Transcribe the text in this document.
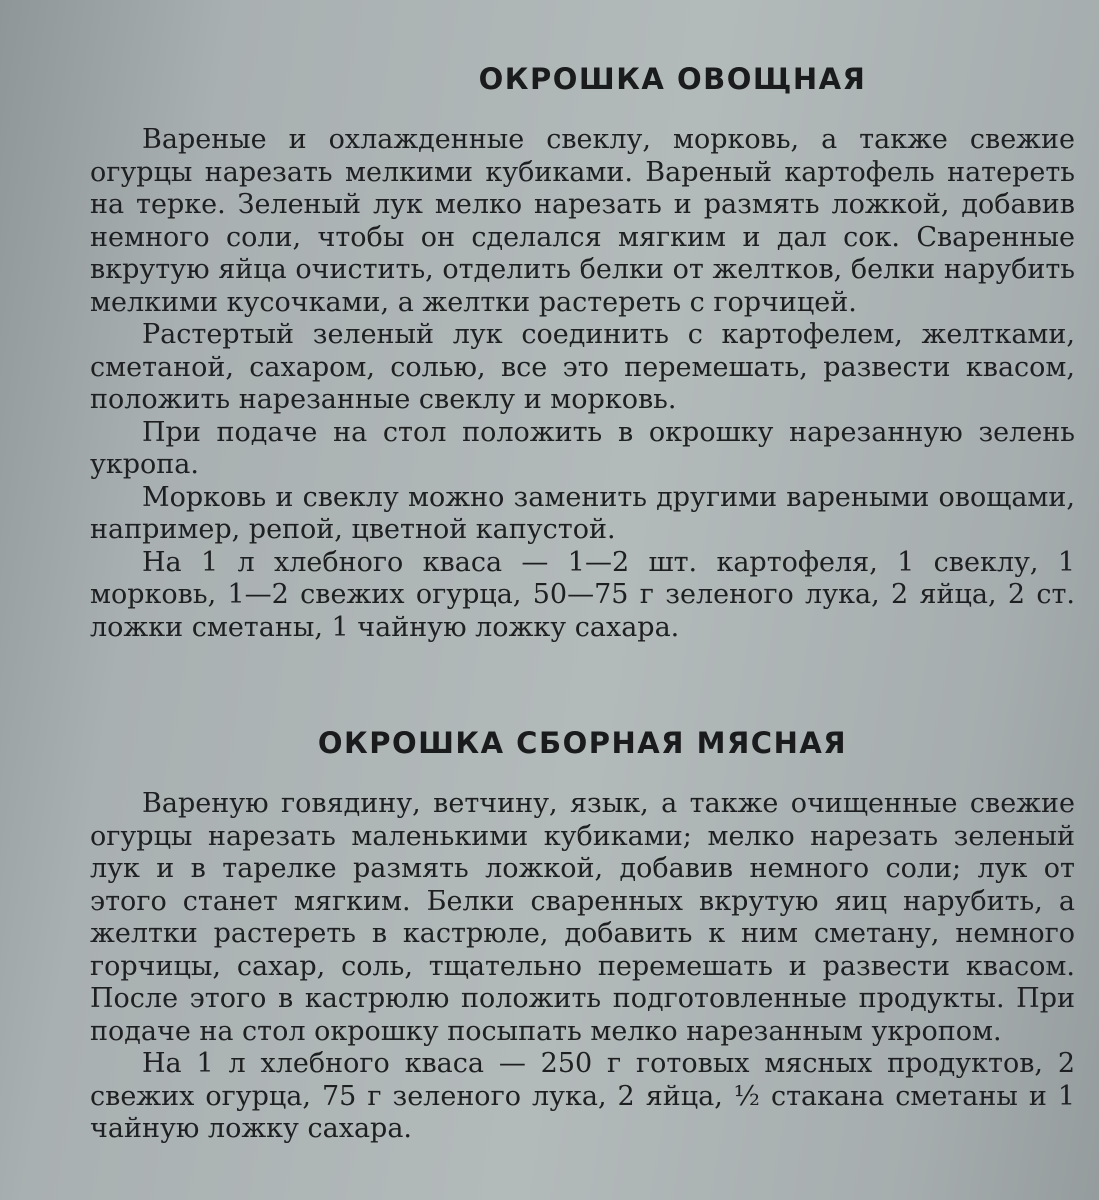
ОКРОШКА ОВОЩНАЯ

Вареные и охлажденные свеклу, морковь, а также свежие огурцы нарезать мелкими кубиками. Вареный картофель натереть на терке. Зеленый лук мелко нарезать и размять ложкой, добавив немного соли, чтобы он сделался мягким и дал сок. Сваренные вкрутую яйца очистить, отделить белки от желтков, белки нарубить мелкими кусочками, а желтки растереть с горчицей.

Растертый зеленый лук соединить с картофелем, желтками, сметаной, сахаром, солью, все это перемешать, развести квасом, положить нарезанные свеклу и морковь.

При подаче на стол положить в окрошку нарезанную зелень укропа.

Морковь и свеклу можно заменить другими вареными овощами, например, репой, цветной капустой.

На 1 л хлебного кваса — 1—2 шт. картофеля, 1 свеклу, 1 морковь, 1—2 свежих огурца, 50—75 г зеленого лука, 2 яйца, 2 ст. ложки сметаны, 1 чайную ложку сахара.

ОКРОШКА СБОРНАЯ МЯСНАЯ

Вареную говядину, ветчину, язык, а также очищенные свежие огурцы нарезать маленькими кубиками; мелко нарезать зеленый лук и в тарелке размять ложкой, добавив немного соли; лук от этого станет мягким. Белки сваренных вкрутую яиц нарубить, а желтки растереть в кастрюле, добавить к ним сметану, немного горчицы, сахар, соль, тщательно перемешать и развести квасом. После этого в кастрюлю положить подготовленные продукты. При подаче на стол окрошку посыпать мелко нарезанным укропом.

На 1 л хлебного кваса — 250 г готовых мясных продуктов, 2 свежих огурца, 75 г зеленого лука, 2 яйца, ½ стакана сметаны и 1 чайную ложку сахара.
